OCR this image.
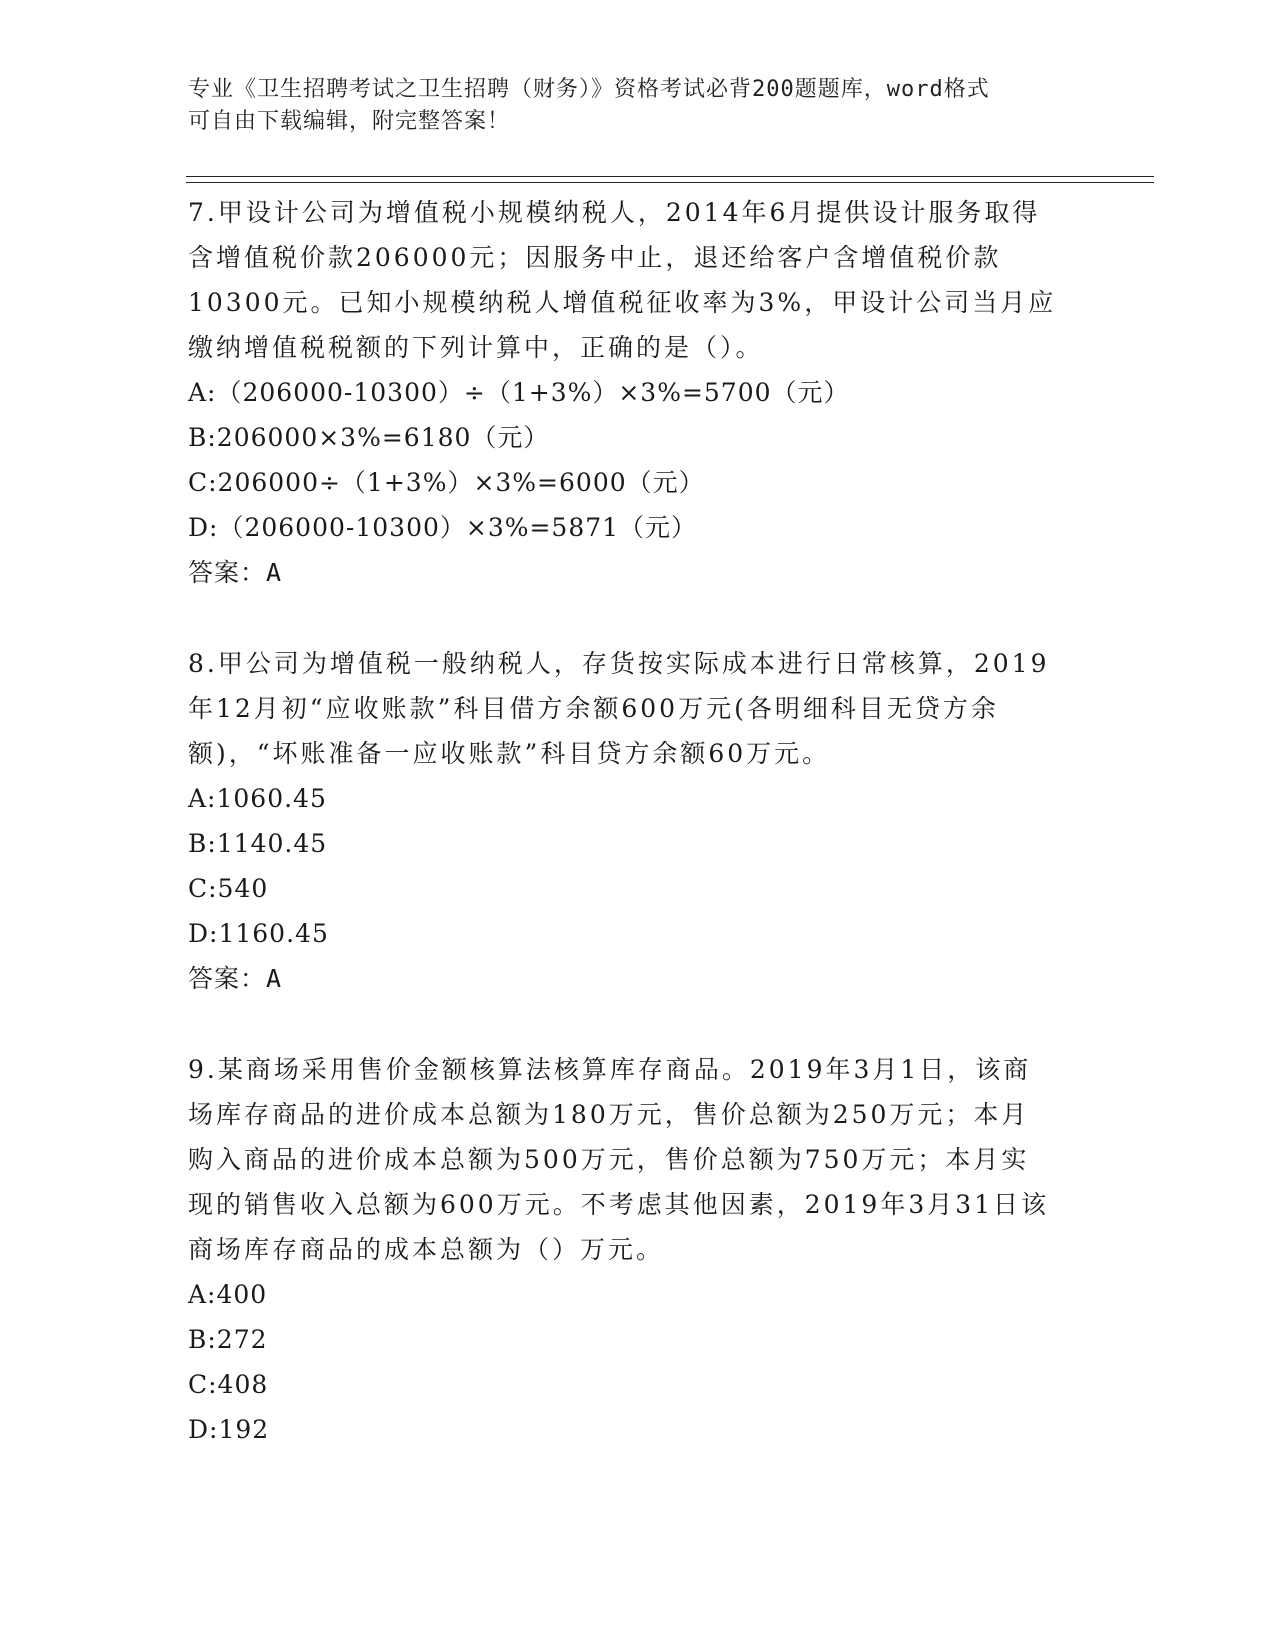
专业《卫生招聘考试之卫生招聘（财务）》资格考试必背200题题库，word格式
可自由下载编辑，附完整答案！

7.甲设计公司为增值税小规模纳税人，2014年6月提供设计服务取得
含增值税价款206000元；因服务中止，退还给客户含增值税价款
10300元。已知小规模纳税人增值税征收率为3%，甲设计公司当月应
缴纳增值税税额的下列计算中，正确的是（）。

A:（206000-10300）÷（1+3%）×3%=5700（元）
B:206000×3%=6180（元）
C:206000÷（1+3%）×3%=6000（元）
D:（206000-10300）×3%=5871（元）

答案：A

8.甲公司为增值税一般纳税人，存货按实际成本进行日常核算，2019
年12月初“应收账款”科目借方余额600万元(各明细科目无贷方余
额)，“坏账准备一应收账款”科目贷方余额60万元。

A:1060.45
B:1140.45
C:540
D:1160.45

答案：A

9.某商场采用售价金额核算法核算库存商品。2019年3月1日，该商
场库存商品的进价成本总额为180万元，售价总额为250万元；本月
购入商品的进价成本总额为500万元，售价总额为750万元；本月实
现的销售收入总额为600万元。不考虑其他因素，2019年3月31日该
商场库存商品的成本总额为（）万元。

A:400
B:272
C:408
D:192
